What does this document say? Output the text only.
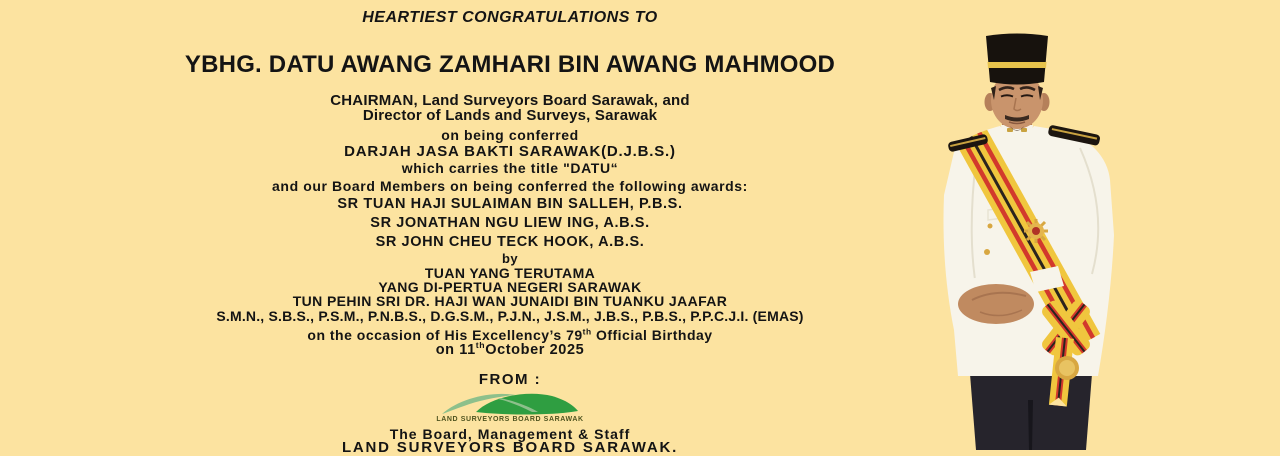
HEARTIEST CONGRATULATIONS TO
YBHG. DATU AWANG ZAMHARI BIN AWANG MAHMOOD
CHAIRMAN, Land Surveyors Board Sarawak, and
Director of Lands and Surveys, Sarawak
on being conferred
DARJAH JASA BAKTI SARAWAK(D.J.B.S.)
which carries the title "DATU“
and our Board Members on being conferred the following awards:
SR TUAN HAJI SULAIMAN BIN SALLEH, P.B.S.
SR JONATHAN NGU LIEW ING, A.B.S.
SR JOHN CHEU TECK HOOK, A.B.S.
by
TUAN YANG TERUTAMA
YANG DI-PERTUA NEGERI SARAWAK
TUN PEHIN SRI DR. HAJI WAN JUNAIDI BIN TUANKU JAAFAR
S.M.N., S.B.S., P.S.M., P.N.B.S., D.G.S.M., P.J.N., J.S.M., J.B.S., P.B.S., P.P.C.J.I. (EMAS)
on the occasion of His Excellency’s 79th Official Birthday
on 11thOctober 2025
FROM :
LAND SURVEYORS BOARD SARAWAK
The Board, Management & Staff
LAND SURVEYORS BOARD SARAWAK.
